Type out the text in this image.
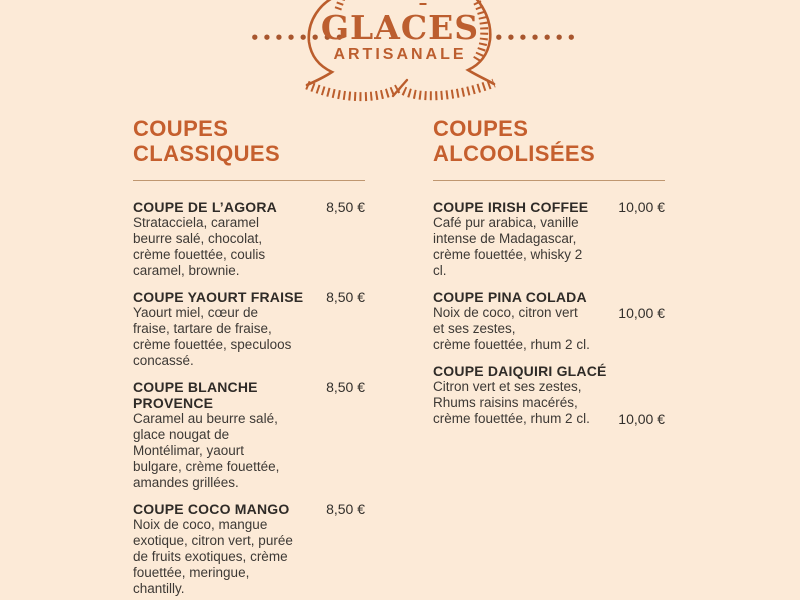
••••••••
GLACES
ARTISANALE
•••••••
COUPES
CLASSIQUES
COUPE DE L’AGORA
Stratacciela, caramel
beurre salé, chocolat,
crème fouettée, coulis
caramel, brownie.
8,50 €
COUPE YAOURT FRAISE
Yaourt miel, cœur de
fraise, tartare de fraise,
crème fouettée, speculoos
concassé.
8,50 €
COUPE BLANCHE
PROVENCE
Caramel au beurre salé,
glace nougat de
Montélimar, yaourt
bulgare, crème fouettée,
amandes grillées.
8,50 €
COUPE COCO MANGO
Noix de coco, mangue
exotique, citron vert, purée
de fruits exotiques, crème
fouettée, meringue,
chantilly.
8,50 €
COUPES
ALCOOLISÉES
COUPE IRISH COFFEE
Café pur arabica, vanille
intense de Madagascar,
crème fouettée, whisky 2
cl.
10,00 €
COUPE PINA COLADA
Noix de coco, citron vert
et ses zestes,
crème fouettée, rhum 2 cl.
10,00 €
COUPE DAIQUIRI GLACÉ
Citron vert et ses zestes,
Rhums raisins macérés,
crème fouettée, rhum 2 cl.	10,00 €
